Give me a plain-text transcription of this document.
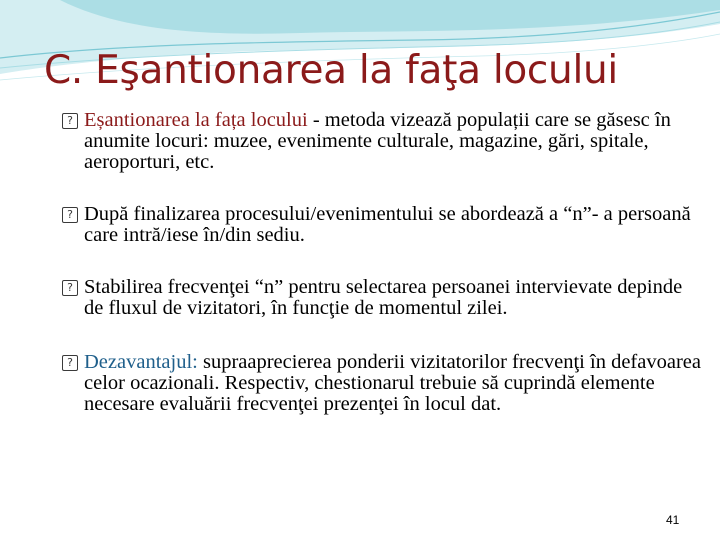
C. Eşantionarea la faţa locului
? Eșantionarea la fața locului - metoda vizează populații care se găsesc în anumite locuri: muzee, evenimente culturale, magazine, gări, spitale, aeroporturi, etc.
? După finalizarea procesului/evenimentului se abordează a “n”- a persoană care intră/iese în/din sediu.
? Stabilirea frecvenţei “n” pentru selectarea persoanei intervievate depinde de fluxul de vizitatori, în funcţie de momentul zilei.
? Dezavantajul: supraaprecierea ponderii vizitatorilor frecvenţi în defavoarea celor ocazionali. Respectiv, chestionarul trebuie să cuprindă elemente necesare evaluării frecvenţei prezenţei în locul dat.
41
